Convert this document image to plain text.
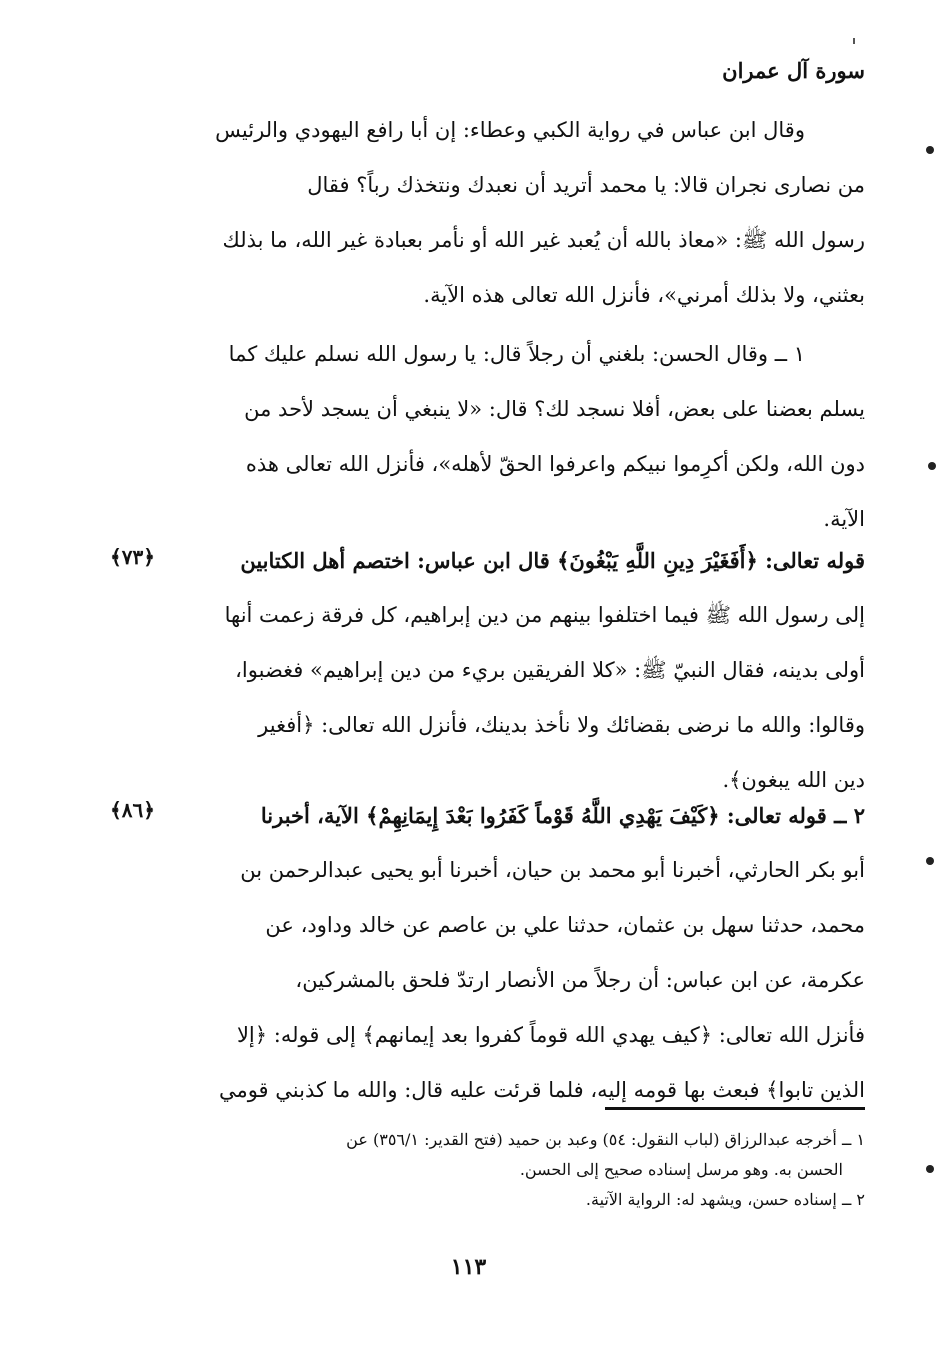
سورة آل عمران
وقال ابن عباس في رواية الكبي وعطاء: إن أبا رافع اليهودي والرئيس
من نصارى نجران قالا: يا محمد أتريد أن نعبدك ونتخذك رباً؟ فقال
رسول الله ﷺ: «معاذ بالله أن يُعبد غير الله أو نأمر بعبادة غير الله، ما بذلك
بعثني، ولا بذلك أمرني»، فأنزل الله تعالى هذه الآية.
١ ــ وقال الحسن: بلغني أن رجلاً قال: يا رسول الله نسلم عليك كما
يسلم بعضنا على بعض، أفلا نسجد لك؟ قال: «لا ينبغي أن يسجد لأحد من
دون الله، ولكن أكرِموا نبيكم واعرفوا الحقّ لأهله»، فأنزل الله تعالى هذه
الآية.
قوله تعالى: ﴿أَفَغَيْرَ دِينِ اللَّهِ يَبْغُونَ﴾ قال ابن عباس: اختصم أهل الكتابين
إلى رسول الله ﷺ فيما اختلفوا بينهم من دين إبراهيم، كل فرقة زعمت أنها
أولى بدينه، فقال النبيّ ﷺ: «كلا الفريقين بريء من دين إبراهيم» فغضبوا،
وقالوا: والله ما نرضى بقضائك ولا نأخذ بدينك، فأنزل الله تعالى: ﴿أفغير
دين الله يبغون﴾.
﴿٧٣﴾
٢ ــ قوله تعالى: ﴿كَيْفَ يَهْدِي اللَّهُ قَوْماً كَفَرُوا بَعْدَ إِيمَانِهِمْ﴾ الآية، أخبرنا
أبو بكر الحارثي، أخبرنا أبو محمد بن حيان، أخبرنا أبو يحيى عبدالرحمن بن
محمد، حدثنا سهل بن عثمان، حدثنا علي بن عاصم عن خالد وداود، عن
عكرمة، عن ابن عباس: أن رجلاً من الأنصار ارتدّ فلحق بالمشركين،
فأنزل الله تعالى: ﴿كيف يهدي الله قوماً كفروا بعد إيمانهم﴾ إلى قوله: ﴿إلا
الذين تابوا﴾ فبعث بها قومه إليه، فلما قرئت عليه قال: والله ما كذبني قومي
﴿٨٦﴾
١ ــ أخرجه عبدالرزاق (لباب النقول: ٥٤) وعبد بن حميد (فتح القدير: ٣٥٦/١) عن
الحسن به. وهو مرسل إسناده صحيح إلى الحسن.
٢ ــ إسناده حسن، ويشهد له: الرواية الآتية.
١١٣
